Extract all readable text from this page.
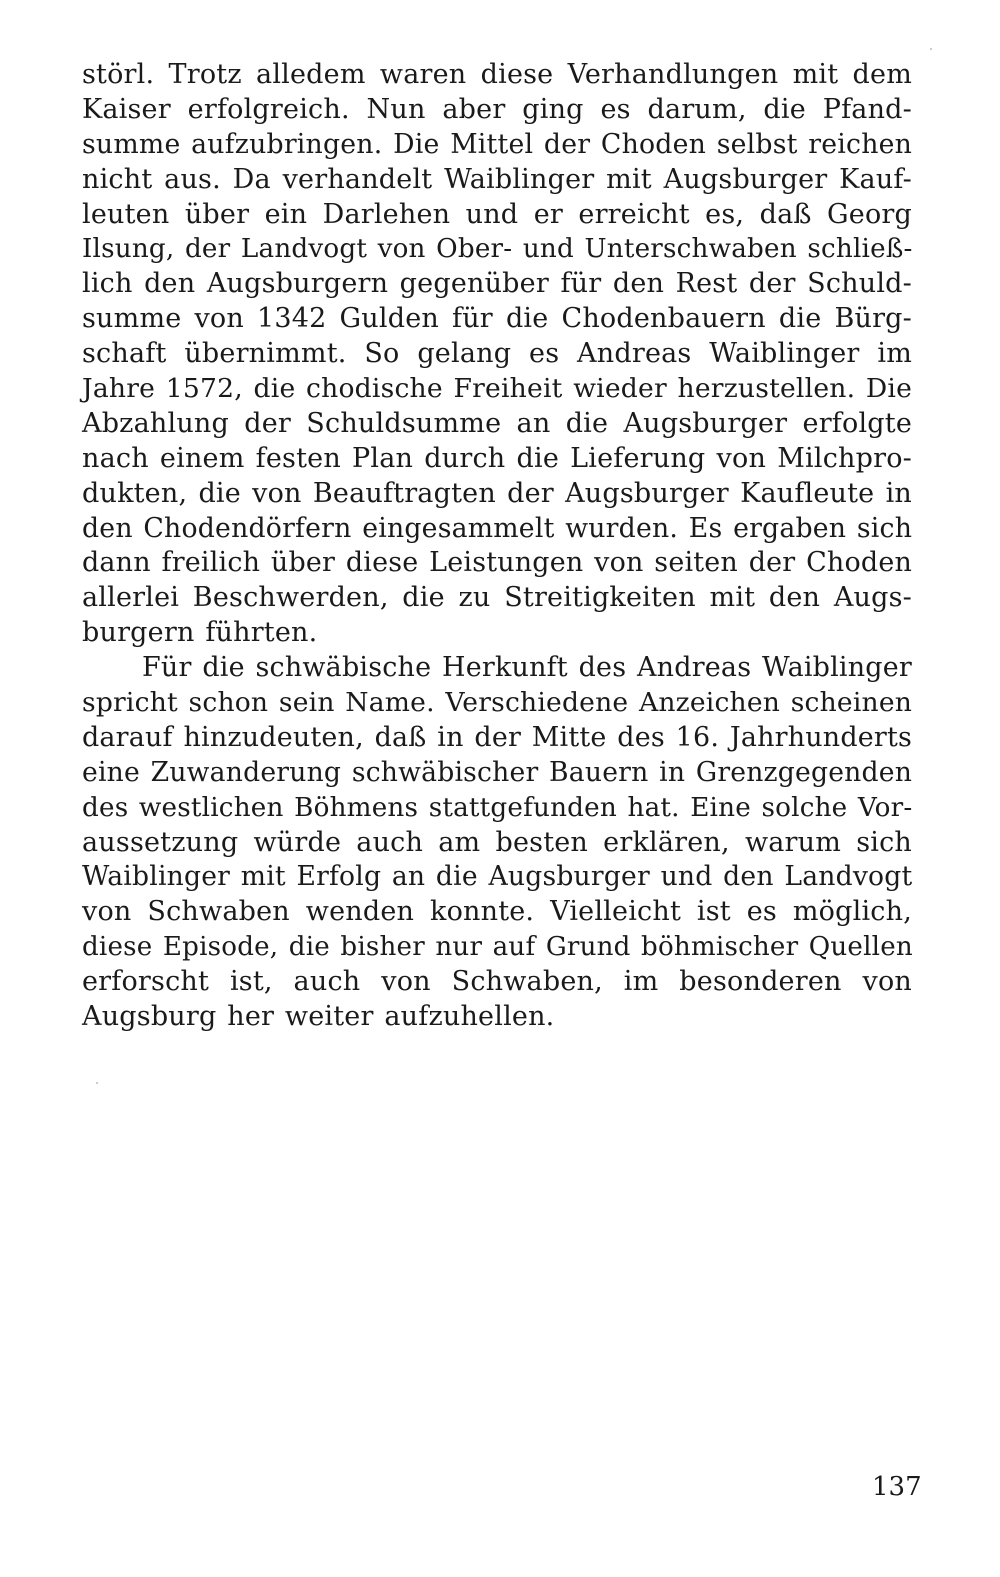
störl. Trotz alledem waren diese Verhandlungen mit dem
Kaiser erfolgreich. Nun aber ging es darum, die Pfand-
summe aufzubringen. Die Mittel der Choden selbst reichen
nicht aus. Da verhandelt Waiblinger mit Augsburger Kauf-
leuten über ein Darlehen und er erreicht es, daß Georg
Ilsung, der Landvogt von Ober- und Unterschwaben schließ-
lich den Augsburgern gegenüber für den Rest der Schuld-
summe von 1342 Gulden für die Chodenbauern die Bürg-
schaft übernimmt. So gelang es Andreas Waiblinger im
Jahre 1572, die chodische Freiheit wieder herzustellen. Die
Abzahlung der Schuldsumme an die Augsburger erfolgte
nach einem festen Plan durch die Lieferung von Milchpro-
dukten, die von Beauftragten der Augsburger Kaufleute in
den Chodendörfern eingesammelt wurden. Es ergaben sich
dann freilich über diese Leistungen von seiten der Choden
allerlei Beschwerden, die zu Streitigkeiten mit den Augs-
burgern führten.
Für die schwäbische Herkunft des Andreas Waiblinger
spricht schon sein Name. Verschiedene Anzeichen scheinen
darauf hinzudeuten, daß in der Mitte des 16. Jahrhunderts
eine Zuwanderung schwäbischer Bauern in Grenzgegenden
des westlichen Böhmens stattgefunden hat. Eine solche Vor-
aussetzung würde auch am besten erklären, warum sich
Waiblinger mit Erfolg an die Augsburger und den Landvogt
von Schwaben wenden konnte. Vielleicht ist es möglich,
diese Episode, die bisher nur auf Grund böhmischer Quellen
erforscht ist, auch von Schwaben, im besonderen von
Augsburg her weiter aufzuhellen.
137
